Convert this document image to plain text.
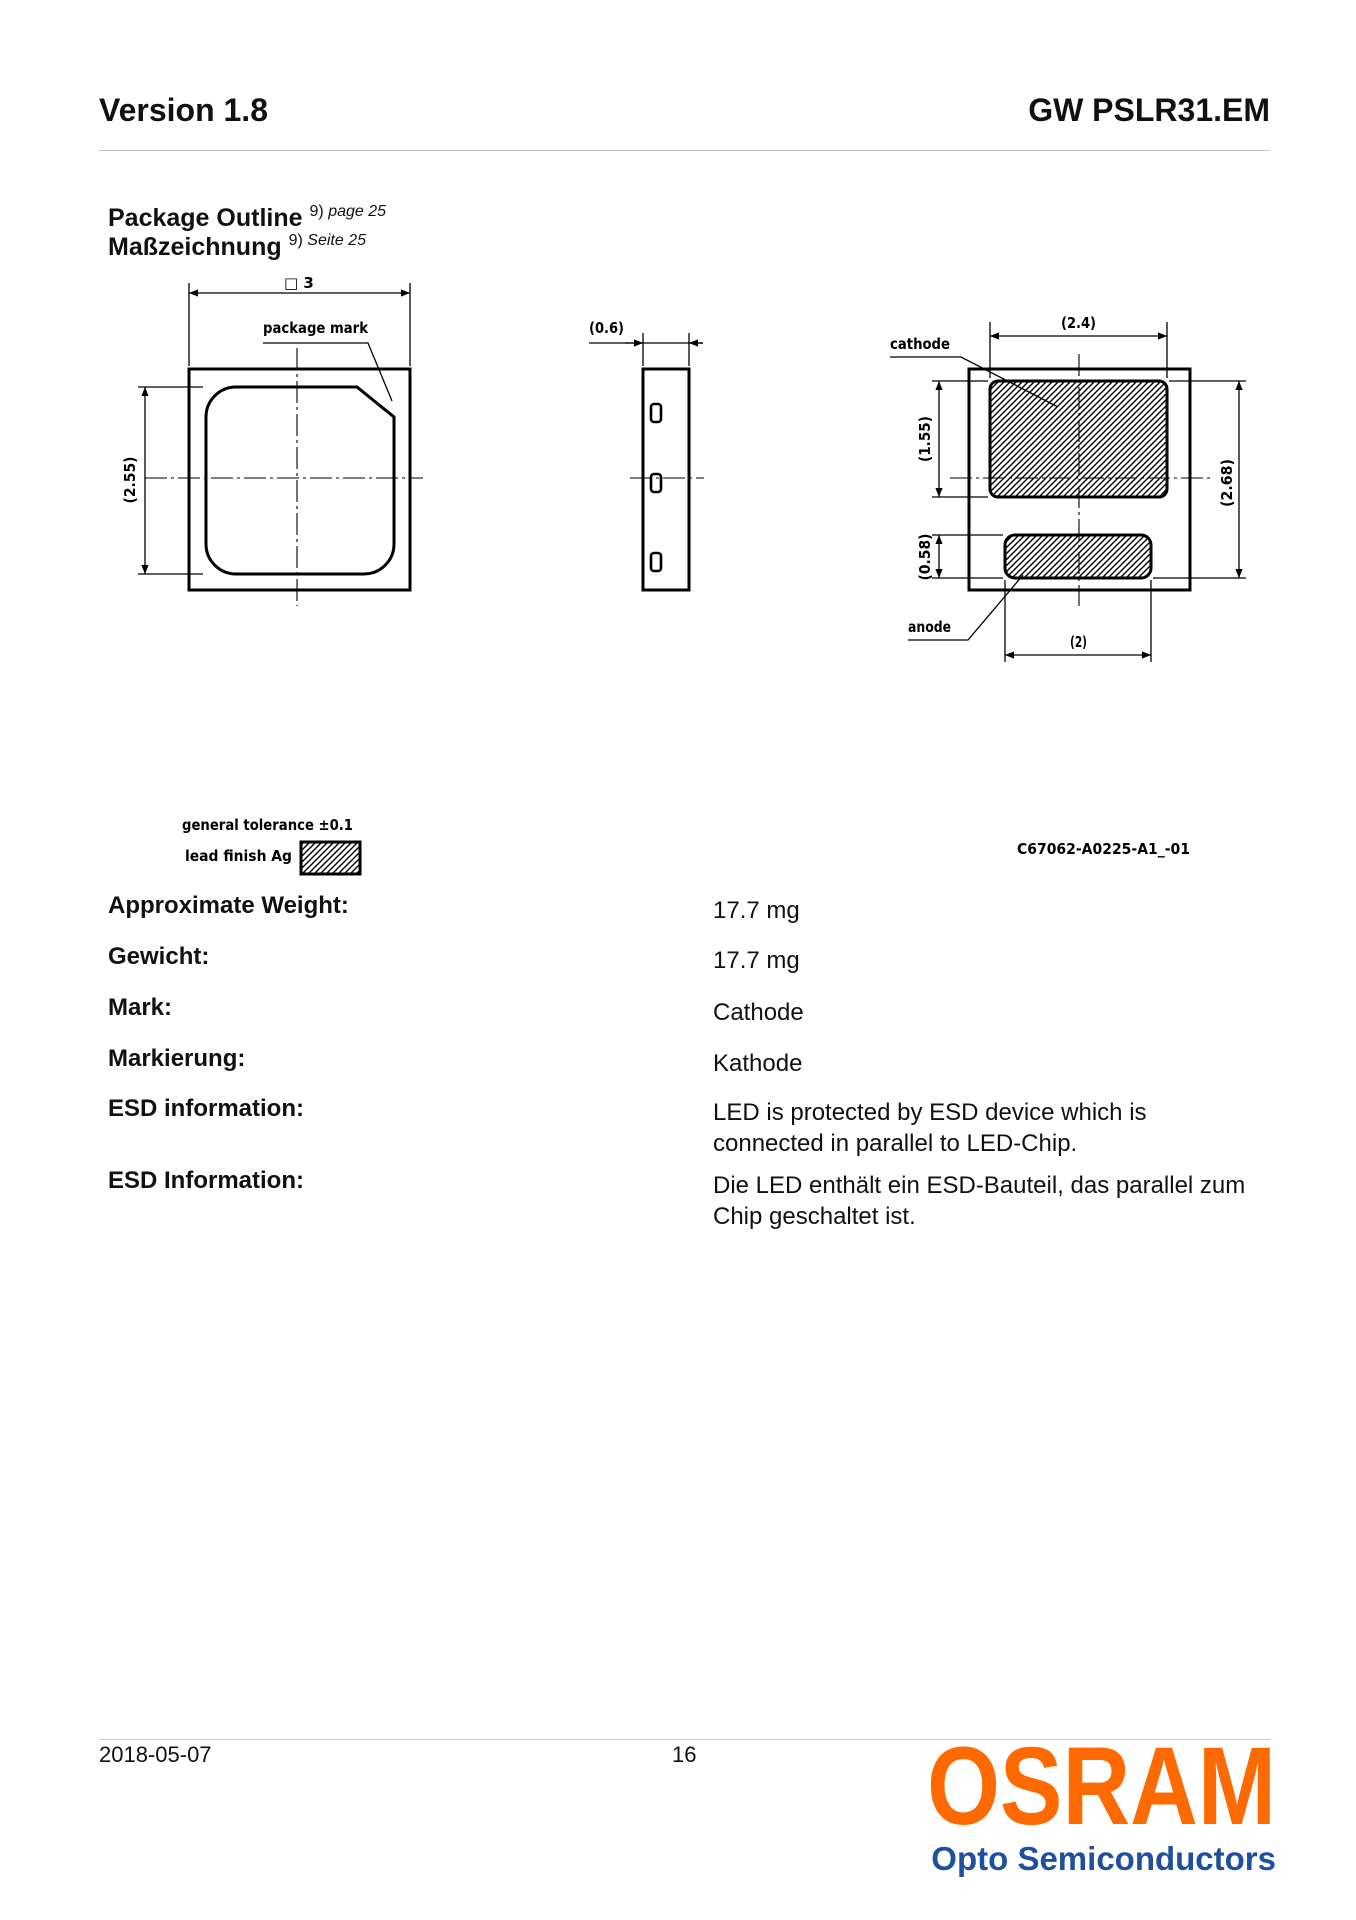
Version 1.8	GW PSLR31.EM
Package Outline $^{9) page 25}$
Maßzeichnung $^{9) Seite 25}$
□ 3
package mark
(2.55)
(0.6)	(2.4)
cathode
(1.55)
(0.58)
(2.68)
(2)
anode
general tolerance ±0.1
lead finish Ag	C67062-A0225-A1_-01
Approximate Weight:	17.7 mg
Gewicht:	17.7 mg
Mark:	Cathode
Markierung:	Kathode
ESD information:	LED is protected by ESD device which is
connected in parallel to LED-Chip.
ESD Information:	Die LED enthält ein ESD-Bauteil, das parallel zum
Chip geschaltet ist.
2018-05-07	16 OSRAM
Opto Semiconductors
